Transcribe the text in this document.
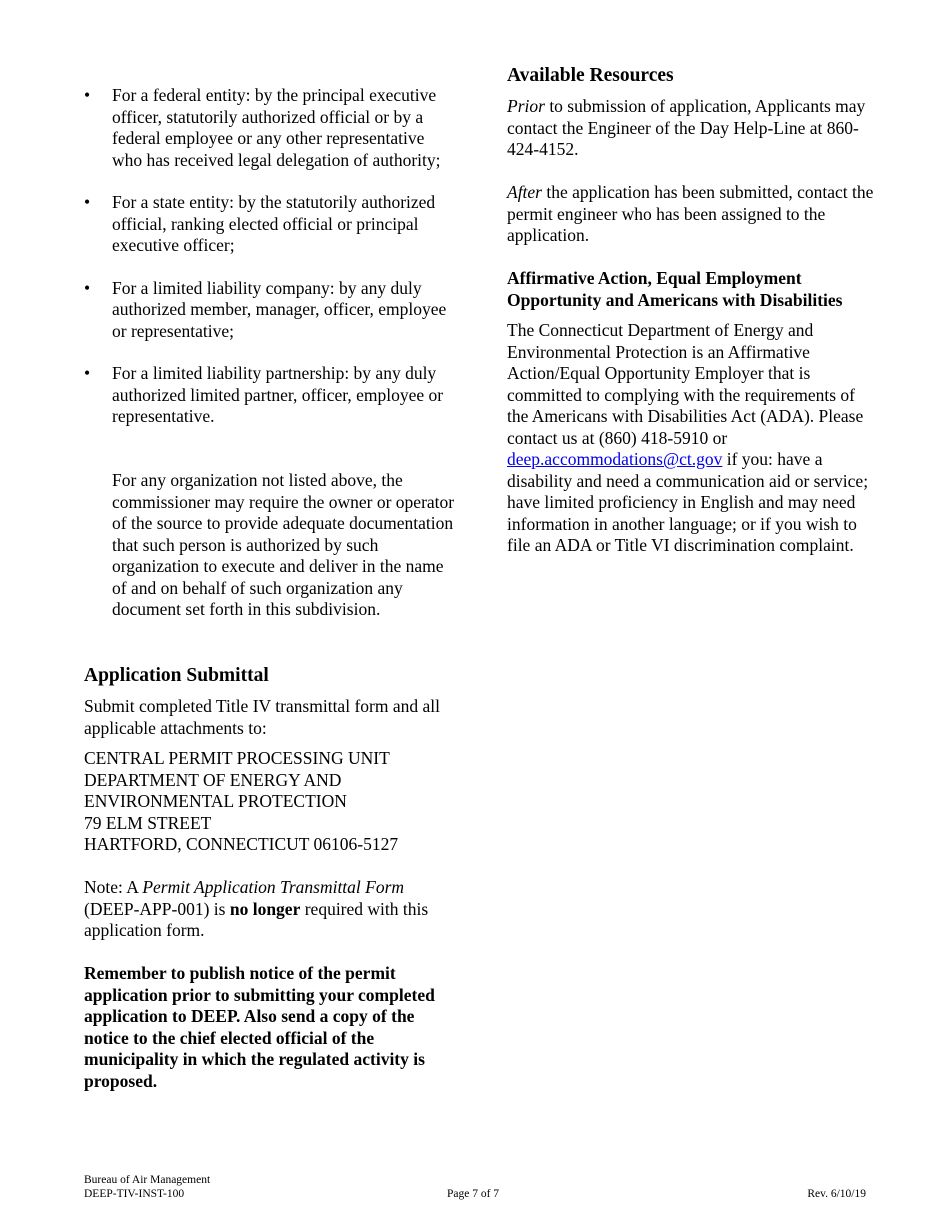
• For a federal entity: by the principal executive officer, statutorily authorized official or by a federal employee or any other representative who has received legal delegation of authority;
• For a state entity: by the statutorily authorized official, ranking elected official or principal executive officer;
• For a limited liability company: by any duly authorized member, manager, officer, employee or representative;
• For a limited liability partnership: by any duly authorized limited partner, officer, employee or representative.

For any organization not listed above, the commissioner may require the owner or operator of the source to provide adequate documentation that such person is authorized by such organization to execute and deliver in the name of and on behalf of such organization any document set forth in this subdivision.

Application Submittal

Submit completed Title IV transmittal form and all applicable attachments to:

CENTRAL PERMIT PROCESSING UNIT
DEPARTMENT OF ENERGY AND
ENVIRONMENTAL PROTECTION
79 ELM STREET
HARTFORD, CONNECTICUT 06106-5127

Note: A Permit Application Transmittal Form (DEEP-APP-001) is no longer required with this application form.

Remember to publish notice of the permit application prior to submitting your completed application to DEEP. Also send a copy of the notice to the chief elected official of the municipality in which the regulated activity is proposed.

Available Resources

Prior to submission of application, Applicants may contact the Engineer of the Day Help-Line at 860-424-4152.

After the application has been submitted, contact the permit engineer who has been assigned to the application.

Affirmative Action, Equal Employment Opportunity and Americans with Disabilities

The Connecticut Department of Energy and Environmental Protection is an Affirmative Action/Equal Opportunity Employer that is committed to complying with the requirements of the Americans with Disabilities Act (ADA). Please contact us at (860) 418-5910 or deep.accommodations@ct.gov if you: have a disability and need a communication aid or service; have limited proficiency in English and may need information in another language; or if you wish to file an ADA or Title VI discrimination complaint.

Bureau of Air Management
DEEP-TIV-INST-100	Page 7 of 7	Rev. 6/10/19
